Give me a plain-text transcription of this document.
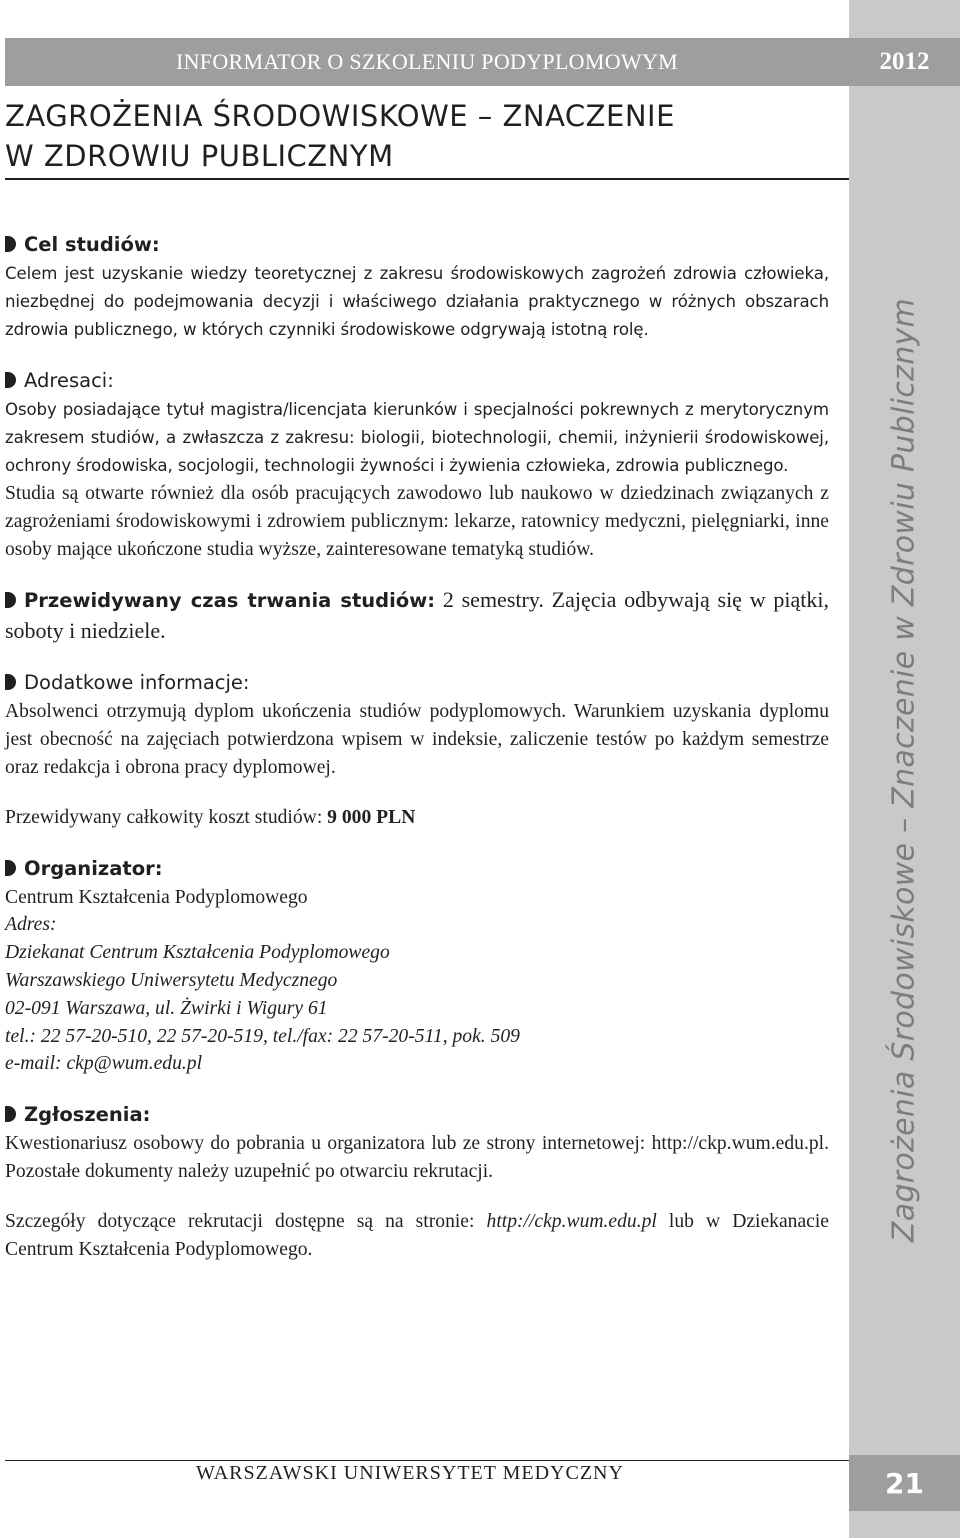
2012
Zagrożenia Środowiskowe – Znaczenie w Zdrowiu Publicznym
21
INFORMATOR O SZKOLENIU PODYPLOMOWYM
ZAGROŻENIA ŚRODOWISKOWE – ZNACZENIE
W ZDROWIU PUBLICZNYM
Cel studiów:
Celem jest uzyskanie wiedzy teoretycznej z zakresu środowiskowych zagrożeń zdrowia człowieka, niezbędnej do podejmowania decyzji i właściwego działania praktycznego w różnych obszarach zdrowia publicznego, w których czynniki środowiskowe odgrywają istotną rolę.
Adresaci:
Osoby posiadające tytuł magistra/licencjata kierunków i specjalności pokrewnych z merytorycznym zakresem studiów, a zwłaszcza z zakresu: biologii, biotechnologii, chemii, inżynierii środowiskowej, ochrony środowiska, socjologii, technologii żywności i żywienia człowieka, zdrowia publicznego.
Studia są otwarte również dla osób pracujących zawodowo lub naukowo w dziedzinach związanych z zagrożeniami środowiskowymi i zdrowiem publicznym: lekarze, ratownicy medyczni, pielęgniarki, inne osoby mające ukończone studia wyższe, zainteresowane tematyką studiów.
Przewidywany czas trwania studiów: 2 semestry. Zajęcia odbywają się w piątki, soboty i niedziele.
Dodatkowe informacje:
Absolwenci otrzymują dyplom ukończenia studiów podyplomowych. Warunkiem uzyskania dyplomu jest obecność na zajęciach potwierdzona wpisem w indeksie, zaliczenie testów po każdym semestrze oraz redakcja i obrona pracy dyplomowej.
Przewidywany całkowity koszt studiów: 9 000 PLN
Organizator:
Centrum Kształcenia Podyplomowego
Adres:
Dziekanat Centrum Kształcenia Podyplomowego
Warszawskiego Uniwersytetu Medycznego
02-091 Warszawa, ul. Żwirki i Wigury 61
tel.: 22 57-20-510, 22 57-20-519, tel./fax: 22 57-20-511, pok. 509
e-mail: ckp@wum.edu.pl
Zgłoszenia:
Kwestionariusz osobowy do pobrania u organizatora lub ze strony internetowej: http://ckp.wum.edu.pl. Pozostałe dokumenty należy uzupełnić po otwarciu rekrutacji.
Szczegóły dotyczące rekrutacji dostępne są na stronie: http://ckp.wum.edu.pl lub w Dziekanacie Centrum Kształcenia Podyplomowego.
WARSZAWSKI UNIWERSYTET MEDYCZNY
